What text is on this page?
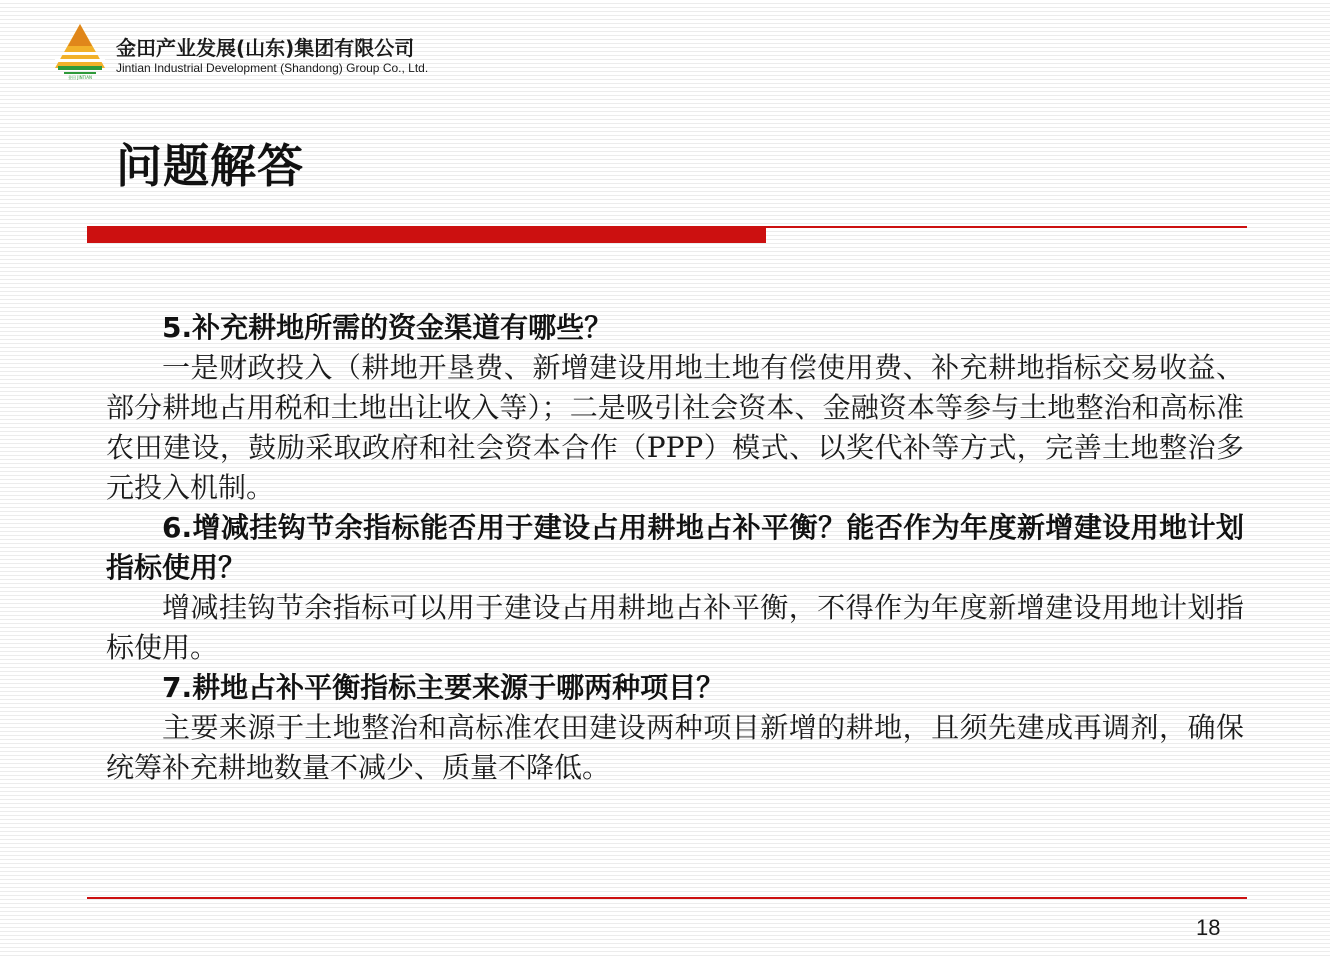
金田 JINTIAN
金田产业发展(山东)集团有限公司
Jintian Industrial Development (Shandong) Group Co., Ltd.
问题解答

5.补充耕地所需的资金渠道有哪些？

一是财政投入（耕地开垦费、新增建设用地土地有偿使用费、补充耕地指标交易收益、部分耕地占用税和土地出让收入等）；二是吸引社会资本、金融资本等参与土地整治和高标准农田建设，鼓励采取政府和社会资本合作（PPP）模式、以奖代补等方式，完善土地整治多元投入机制。

6.增减挂钩节余指标能否用于建设占用耕地占补平衡？能否作为年度新增建设用地计划指标使用？

增减挂钩节余指标可以用于建设占用耕地占补平衡，不得作为年度新增建设用地计划指标使用。

7.耕地占补平衡指标主要来源于哪两种项目？

主要来源于土地整治和高标准农田建设两种项目新增的耕地，且须先建成再调剂，确保统筹补充耕地数量不减少、质量不降低。

18
